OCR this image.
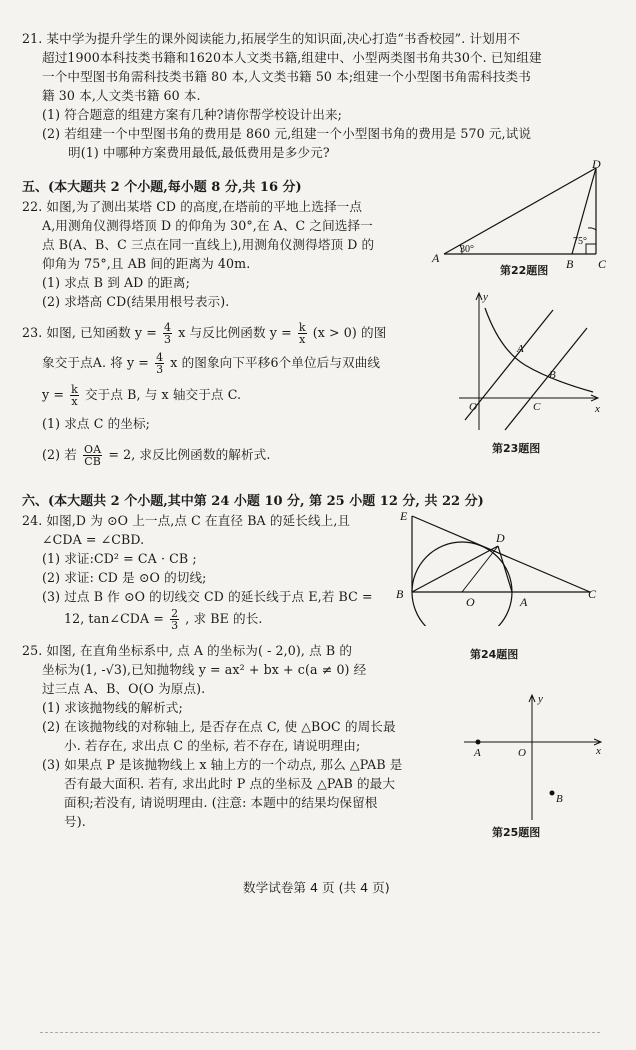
21. 某中学为提升学生的课外阅读能力,拓展学生的知识面,决心打造“书香校园”. 计划用不
超过1900本科技类书籍和1620本人文类书籍,组建中、小型两类图书角共30个. 已知组建
一个中型图书角需科技类书籍 80 本,人文类书籍 50 本;组建一个小型图书角需科技类书
籍 30 本,人文类书籍 60 本.
(1) 符合题意的组建方案有几种?请你帮学校设计出来;
(2) 若组建一个中型图书角的费用是 860 元,组建一个小型图书角的费用是 570 元,试说
明(1) 中哪种方案费用最低,最低费用是多少元?
五、(本大题共 2 个小题,每小题 8 分,共 16 分)
22. 如图,为了测出某塔 CD 的高度,在塔前的平地上选择一点
A,用测角仪测得塔顶 D 的仰角为 30°,在 A、C 之间选择一
点 B(A、B、C 三点在同一直线上),用测角仪测得塔顶 D 的
仰角为 75°,且 AB 间的距离为 40m.
(1) 求点 B 到 AD 的距离;
(2) 求塔高 CD(结果用根号表示).
A	B C
D
30°
75°
第22题图
23. 如图, 已知函数 $y = \frac{4}{3}$ x 与反比例函数 $y = \frac{k}{x} (x > 0)$ 的图
象交于点A. 将 $y = \frac{4}{3}$ x 的图象向下平移6个单位后与双曲线
$y = \frac{k}{x}$ 交于点 B, 与 x 轴交于点 C.
(1) 求点 C 的坐标;
(2) 若 $\frac{OA}{CB} = 2$, 求反比例函数的解析式.
y
x
O
A
B
C
第23题图
六、(本大题共 2 个小题,其中第 24 小题 10 分, 第 25 小题 12 分, 共 22 分)
24. 如图,D 为 ⊙O 上一点,点 C 在直径 BA 的延长线上,且
∠CDA = ∠CBD.
(1) 求证:CD² = CA · CB ;
(2) 求证: CD 是 ⊙O 的切线;
(3) 过点 B 作 ⊙O 的切线交 CD 的延长线于点 E,若 BC =
12, tan∠CDA = $\frac{2}{3}$ , 求 BE 的长.
E
D
B
O	A
C
第24题图
25. 如图, 在直角坐标系中, 点 A 的坐标为( - 2,0), 点 B 的
坐标为(1, -√3),已知抛物线 y = ax² + bx + c(a ≠ 0) 经
过三点 A、B、O(O 为原点).
(1) 求该抛物线的解析式;
(2) 在该抛物线的对称轴上, 是否存在点 C, 使 △BOC 的周长最
小. 若存在, 求出点 C 的坐标, 若不存在, 请说明理由;
(3) 如果点 P 是该抛物线上 x 轴上方的一个动点, 那么 △PAB 是
否有最大面积. 若有, 求出此时 P 点的坐标及 △PAB 的最大
面积;若没有, 请说明理由. (注意: 本题中的结果均保留根
号).
y
x
O
A
B
第25题图
数学试卷第 4 页 (共 4 页)
